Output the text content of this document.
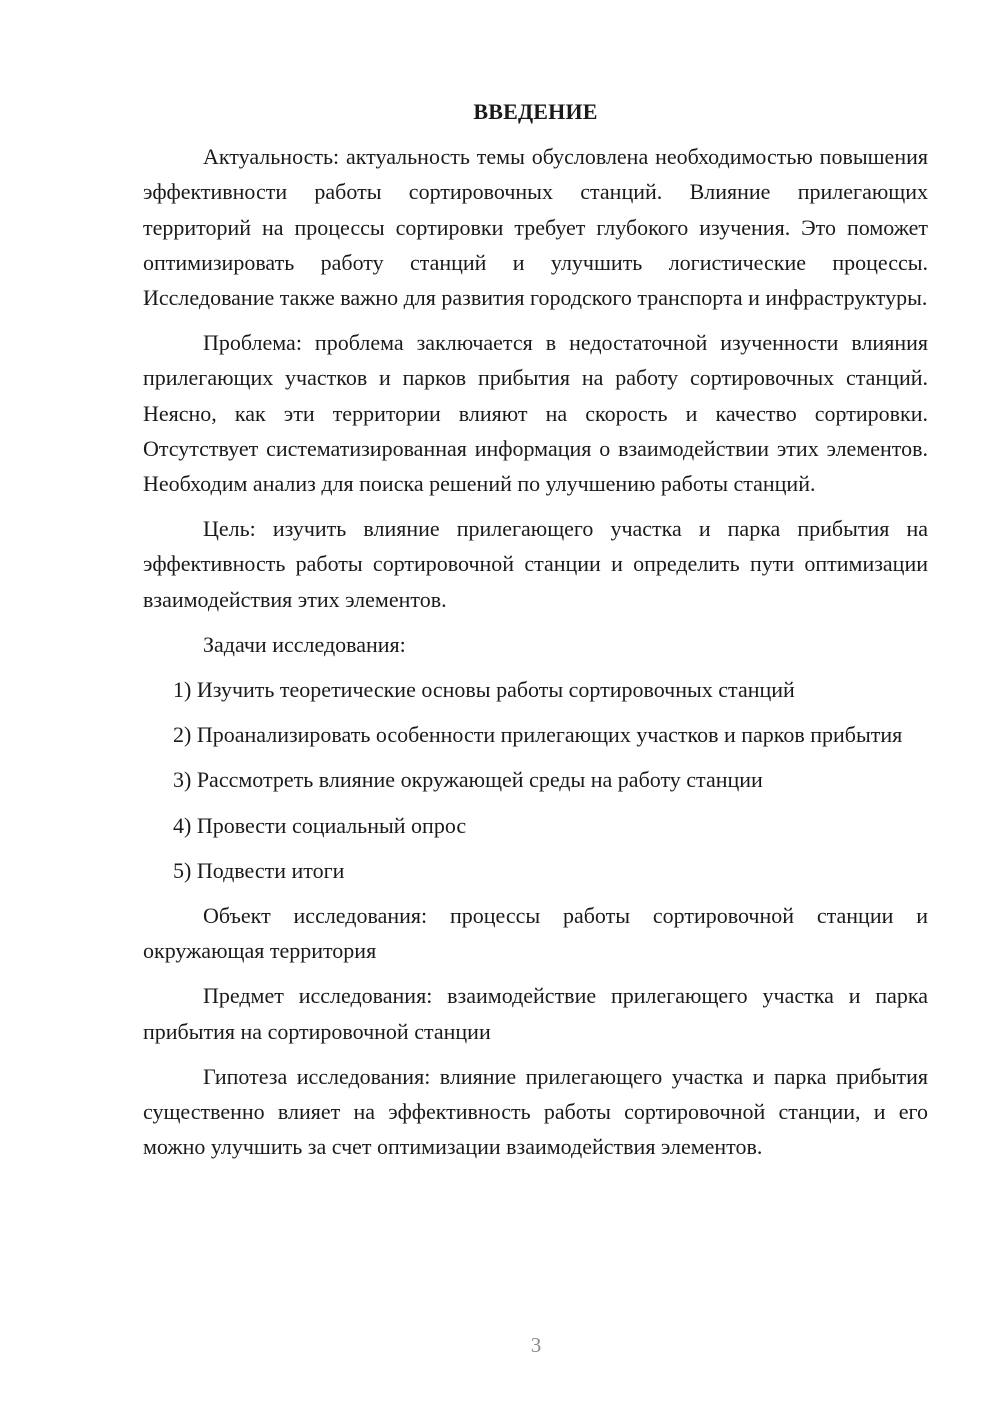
ВВЕДЕНИЕ
Актуальность: актуальность темы обусловлена необходимостью повышения эффективности работы сортировочных станций. Влияние прилегающих территорий на процессы сортировки требует глубокого изучения. Это поможет оптимизировать работу станций и улучшить логистические процессы. Исследование также важно для развития городского транспорта и инфраструктуры.
Проблема: проблема заключается в недостаточной изученности влияния прилегающих участков и парков прибытия на работу сортировочных станций. Неясно, как эти территории влияют на скорость и качество сортировки. Отсутствует систематизированная информация о взаимодействии этих элементов. Необходим анализ для поиска решений по улучшению работы станций.
Цель: изучить влияние прилегающего участка и парка прибытия на эффективность работы сортировочной станции и определить пути оптимизации взаимодействия этих элементов.
Задачи исследования:
1) Изучить теоретические основы работы сортировочных станций
2) Проанализировать особенности прилегающих участков и парков прибытия
3) Рассмотреть влияние окружающей среды на работу станции
4) Провести социальный опрос
5) Подвести итоги
Объект исследования: процессы работы сортировочной станции и окружающая территория
Предмет исследования: взаимодействие прилегающего участка и парка прибытия на сортировочной станции
Гипотеза исследования: влияние прилегающего участка и парка прибытия существенно влияет на эффективность работы сортировочной станции, и его можно улучшить за счет оптимизации взаимодействия элементов.
3
